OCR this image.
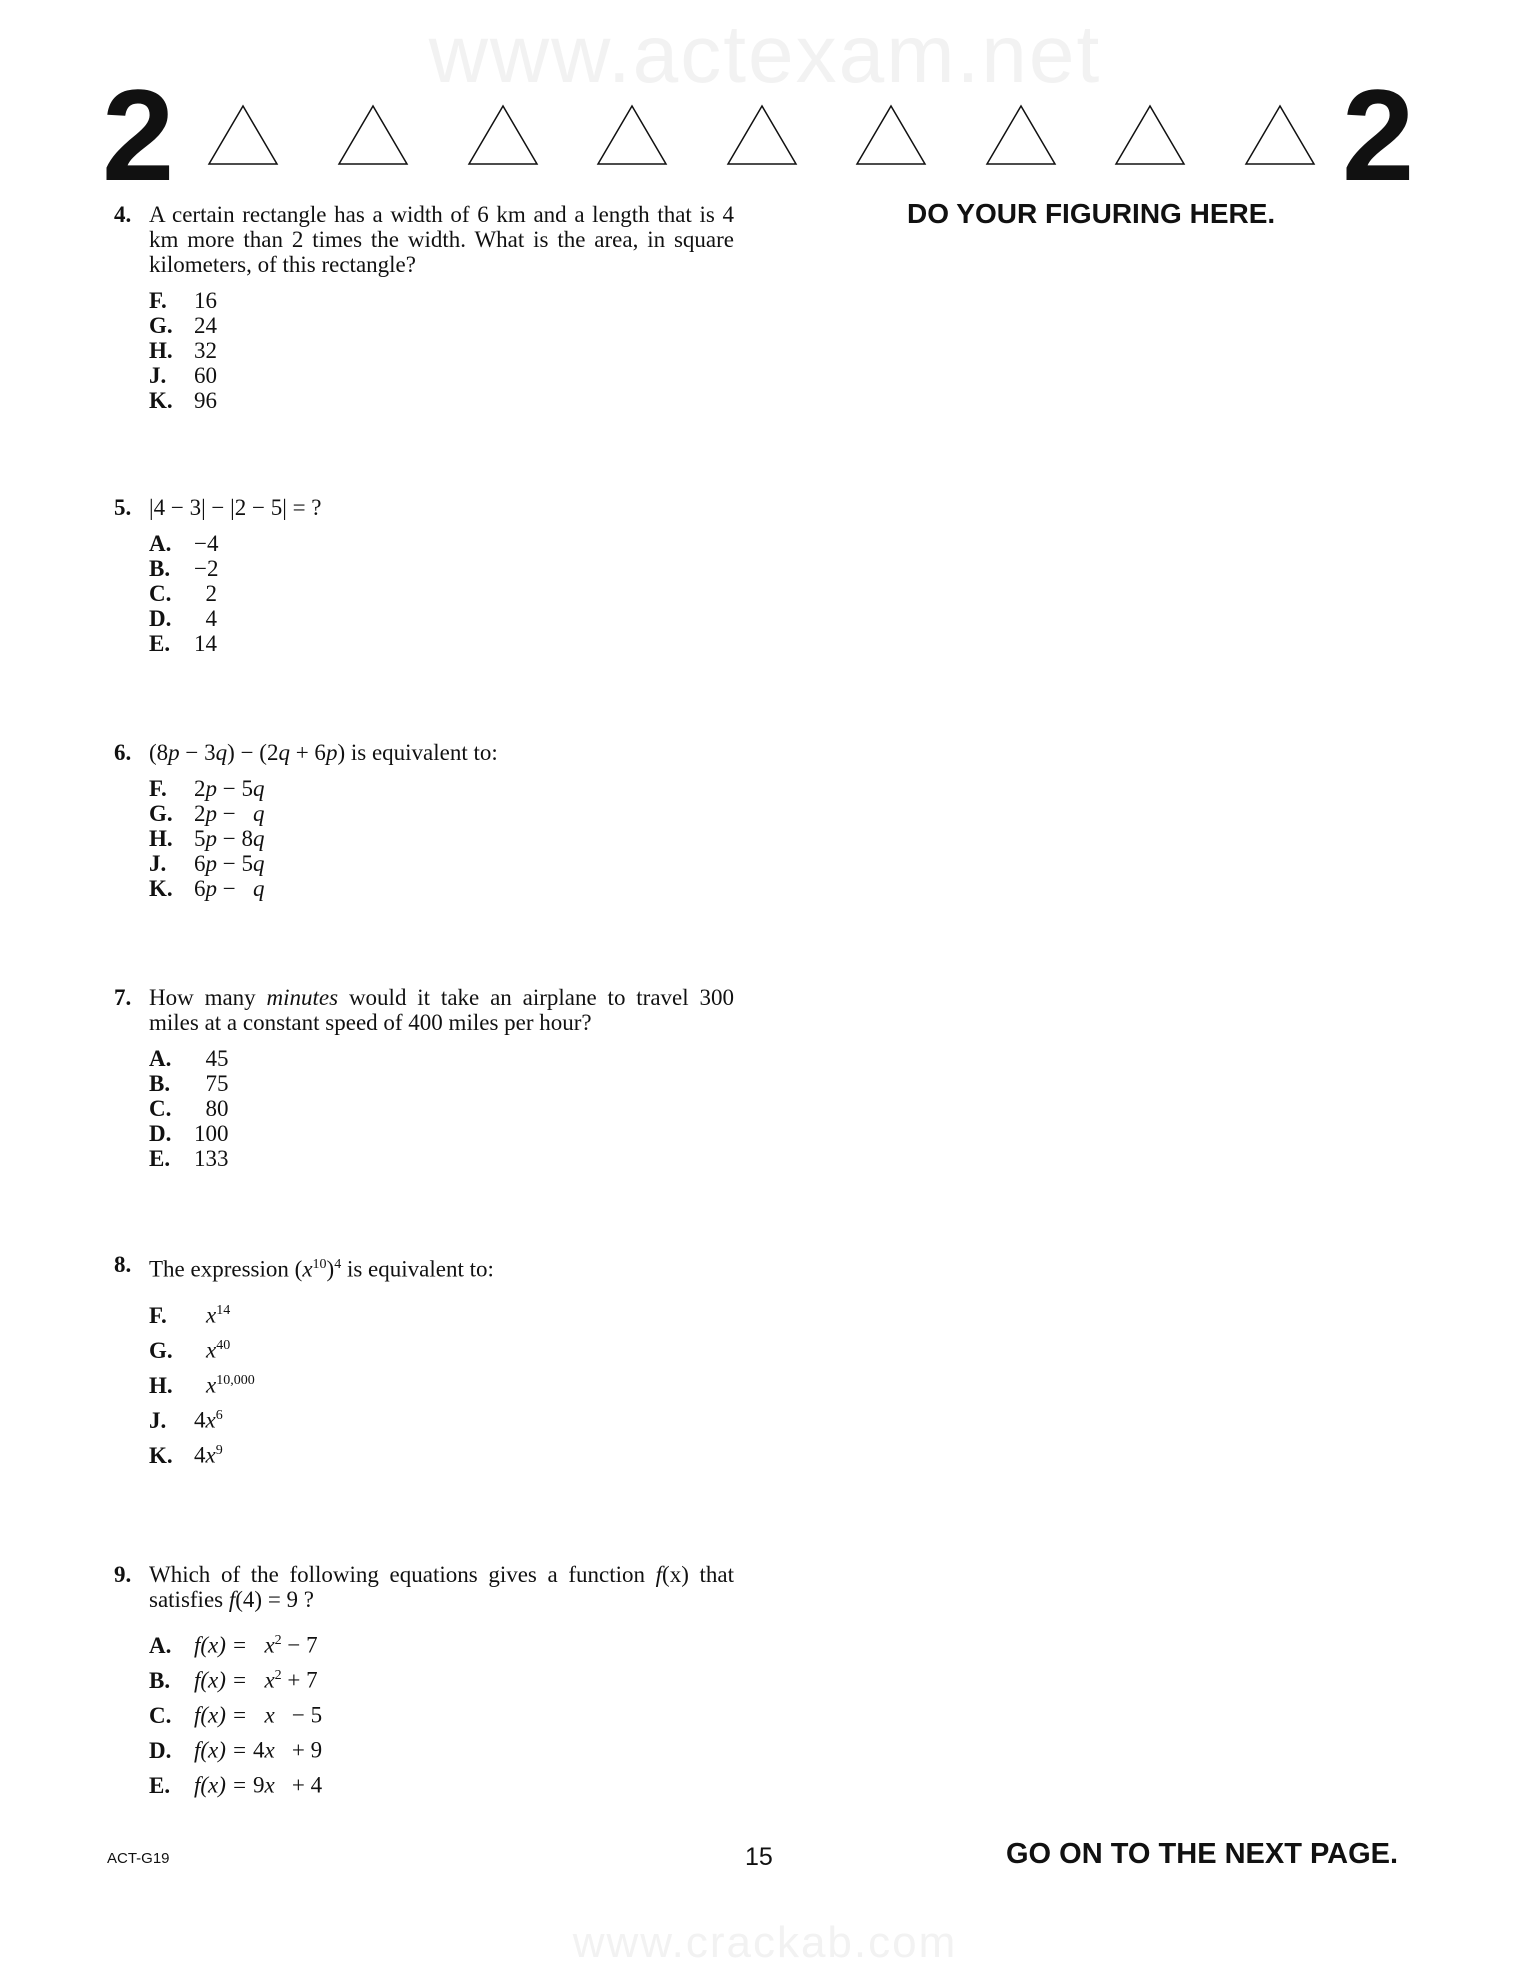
www.actexam.net
2	2
DO YOUR FIGURING HERE.
4. A certain rectangle has a width of 6 km and a length that is 4 km more than 2 times the width. What is the area, in square kilometers, of this rectangle?
F.	16
G. 24
H. 32
J.	60
K. 96
5. |4 − 3| − |2 − 5| = ?
A. −4
B.	−2
C. 2
D. 4
E.	14
6. (8p − 3q) − (2q + 6p) is equivalent to:
F.	2p − 5q
G. 2p −   q
H. 5p − 8q
J.	6p − 5q
K. 6p −   q
7. How many minutes would it take an airplane to travel 300 miles at a constant speed of 400 miles per hour?
A. 45
B.	75
C. 80
D. 100
E.	133
8. The expression $(x^{10})^4$ is equivalent to:
F.	$x^{14}$
G.	$x^{40}$
H.	$x^{10,000}$
J.	$4x^6$
K. $4x^9$
9. Which of the following equations gives a function f(x) that satisfies f(4) = 9 ?
A. $f(x) = x^2 - 7$
B.	$f(x) = x^2 + 7$
C. f(x) =   x   − 5
D. f(x) = 4x   + 9
E.	f(x) = 9x   + 4
ACT-G19	15	GO ON TO THE NEXT PAGE.
www.crackab.com
